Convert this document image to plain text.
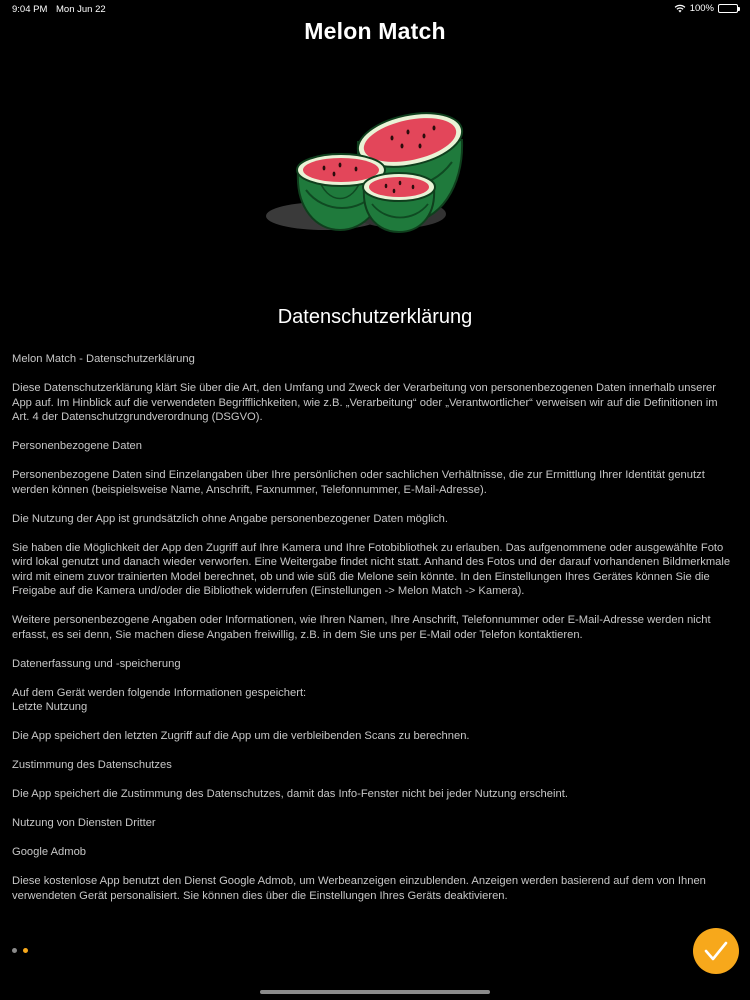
9:04 PM Mon Jun 22	100%
Melon Match
Datenschutzerklärung

Melon Match - Datenschutzerklärung

Diese Datenschutzerklärung klärt Sie über die Art, den Umfang und Zweck der Verarbeitung von personenbezogenen Daten innerhalb unserer App auf. Im Hinblick auf die verwendeten Begrifflichkeiten, wie z.B. „Verarbeitung“ oder „Verantwortlicher“ verweisen wir auf die Definitionen im Art. 4 der Datenschutzgrundverordnung (DSGVO).

Personenbezogene Daten

Personenbezogene Daten sind Einzelangaben über Ihre persönlichen oder sachlichen Verhältnisse, die zur Ermittlung Ihrer Identität genutzt werden können (beispielsweise Name, Anschrift, Faxnummer, Telefonnummer, E-Mail-Adresse).

Die Nutzung der App ist grundsätzlich ohne Angabe personenbezogener Daten möglich.

Sie haben die Möglichkeit der App den Zugriff auf Ihre Kamera und Ihre Fotobibliothek zu erlauben. Das aufgenommene oder ausgewählte Foto wird lokal genutzt und danach wieder verworfen. Eine Weitergabe findet nicht statt. Anhand des Fotos und der darauf vorhandenen Bildmerkmale wird mit einem zuvor trainierten Model berechnet, ob und wie süß die Melone sein könnte. In den Einstellungen Ihres Gerätes können Sie die Freigabe auf die Kamera und/oder die Bibliothek widerrufen (Einstellungen -> Melon Match -> Kamera).

Weitere personenbezogene Angaben oder Informationen, wie Ihren Namen, Ihre Anschrift, Telefonnummer oder E-Mail-Adresse werden nicht erfasst, es sei denn, Sie machen diese Angaben freiwillig, z.B. in dem Sie uns per E-Mail oder Telefon kontaktieren.

Datenerfassung und -speicherung

Auf dem Gerät werden folgende Informationen gespeichert:

Letzte Nutzung

Die App speichert den letzten Zugriff auf die App um die verbleibenden Scans zu berechnen.

Zustimmung des Datenschutzes

Die App speichert die Zustimmung des Datenschutzes, damit das Info-Fenster nicht bei jeder Nutzung erscheint.

Nutzung von Diensten Dritter

Google Admob

Diese kostenlose App benutzt den Dienst Google Admob, um Werbeanzeigen einzublenden. Anzeigen werden basierend auf dem von Ihnen verwendeten Gerät personalisiert. Sie können dies über die Einstellungen Ihres Geräts deaktivieren.
